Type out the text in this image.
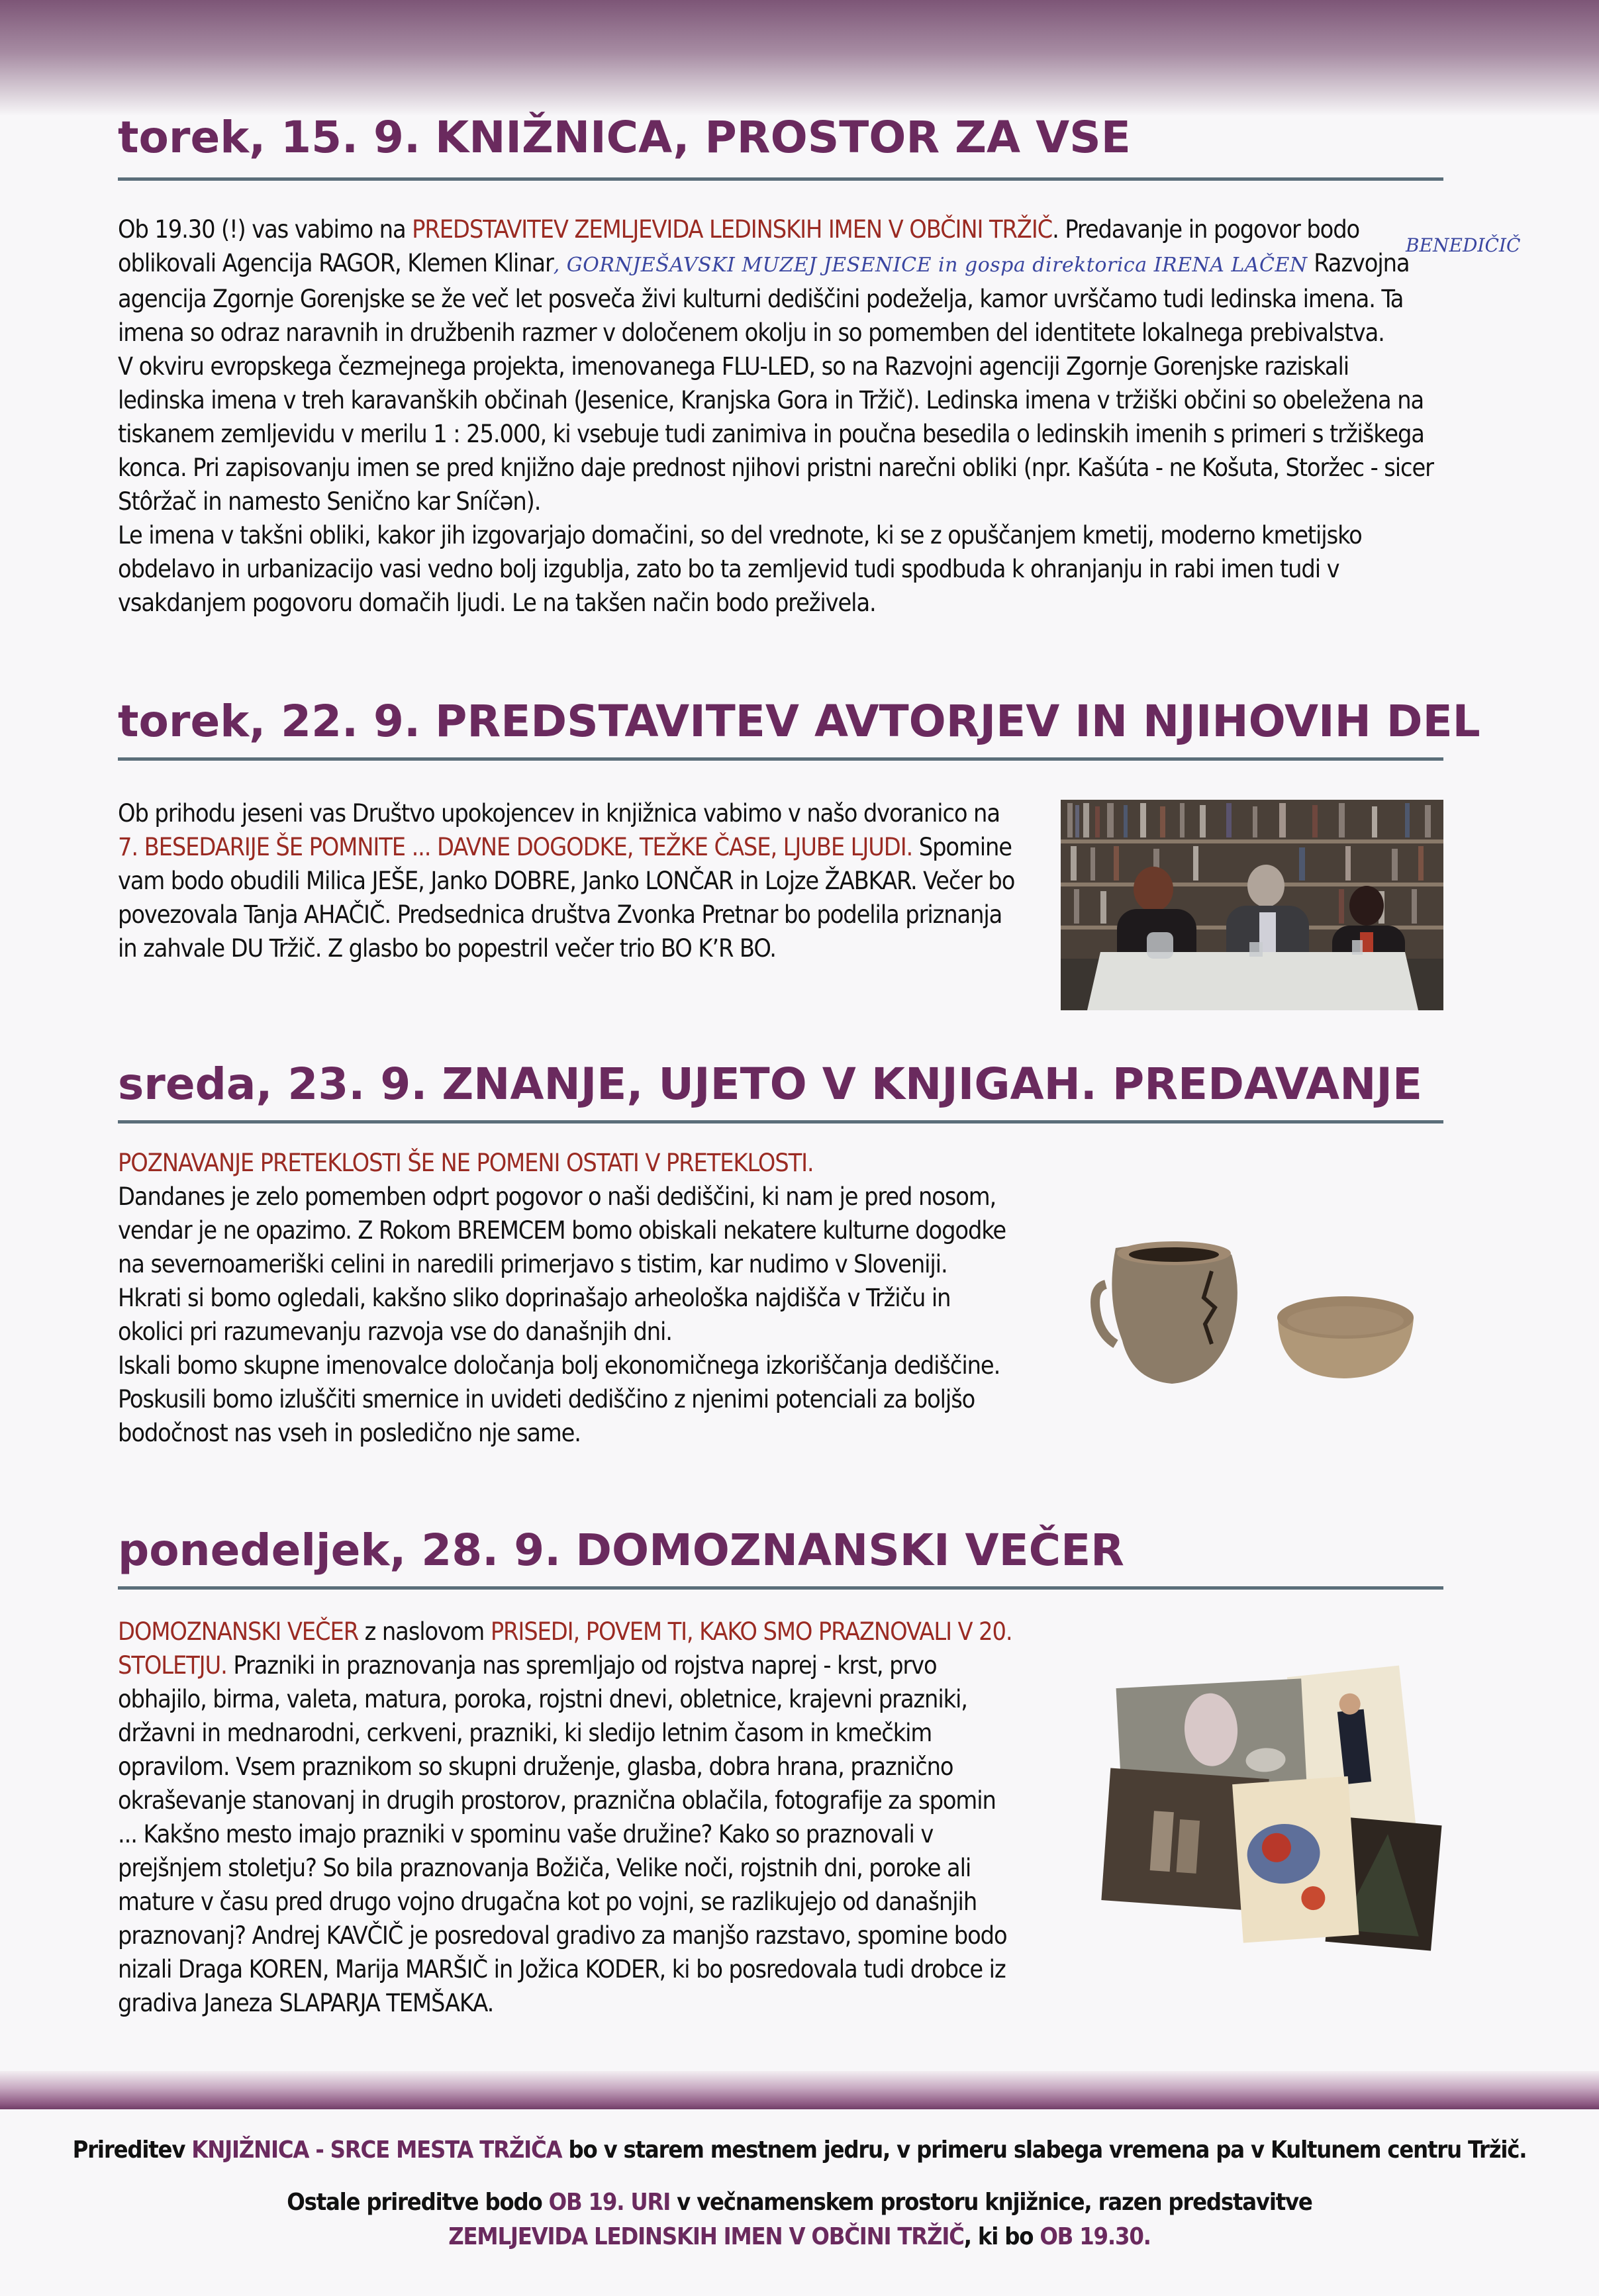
torek, 15. 9. KNIŽNICA, PROSTOR ZA VSE

Ob 19.30 (!) vas vabimo na PREDSTAVITEV ZEMLJEVIDA LEDINSKIH IMEN V OBČINI TRŽIČ. Predavanje in pogovor bodo oblikovali Agencija RAGOR, Klemen Klinar, GORNJEŠAVSKI MUZEJ JESENICE in gospa direktorica IRENA LAČEN Razvojna agencija Zgornje Gorenjske se že več let posveča živi kulturni dediščini podeželja, kamor uvrščamo tudi ledinska imena. Ta imena so odraz naravnih in družbenih razmer v določenem okolju in so pomemben del identitete lokalnega prebivalstva.

V okviru evropskega čezmejnega projekta, imenovanega FLU-LED, so na Razvojni agenciji Zgornje Gorenjske raziskali ledinska imena v treh karavanških občinah (Jesenice, Kranjska Gora in Tržič). Ledinska imena v tržiški občini so obeležena na tiskanem zemljevidu v merilu 1 : 25.000, ki vsebuje tudi zanimiva in poučna besedila o ledinskih imenih s primeri s tržiškega konca. Pri zapisovanju imen se pred knjižno daje prednost njihovi pristni narečni obliki (npr. Kašúta - ne Košuta, Storžec - sicer Stôržač in namesto Senično kar Sníčən).

Le imena v takšni obliki, kakor jih izgovarjajo domačini, so del vrednote, ki se z opuščanjem kmetij, moderno kmetijsko obdelavo in urbanizacijo vasi vedno bolj izgublja, zato bo ta zemljevid tudi spodbuda k ohranjanju in rabi imen tudi v vsakdanjem pogovoru domačih ljudi. Le na takšen način bodo preživela.

BENEDIČIČ
torek, 22. 9. PREDSTAVITEV AVTORJEV IN NJIHOVIH DEL

Ob prihodu jeseni vas Društvo upokojencev in knjižnica vabimo v našo dvoranico na 7. BESEDARIJE ŠE POMNITE ... DAVNE DOGODKE, TEŽKE ČASE, LJUBE LJUDI. Spomine vam bodo obudili Milica JEŠE, Janko DOBRE, Janko LONČAR in Lojze ŽABKAR. Večer bo povezovala Tanja AHAČIČ. Predsednica društva Zvonka Pretnar bo podelila priznanja in zahvale DU Tržič. Z glasbo bo popestril večer trio BO K’R BO.

sreda, 23. 9. ZNANJE, UJETO V KNJIGAH. PREDAVANJE

POZNAVANJE PRETEKLOSTI ŠE NE POMENI OSTATI V PRETEKLOSTI.

Dandanes je zelo pomemben odprt pogovor o naši dediščini, ki nam je pred nosom, vendar je ne opazimo. Z Rokom BREMCEM bomo obiskali nekatere kulturne dogodke na severnoameriški celini in naredili primerjavo s tistim, kar nudimo v Sloveniji. Hkrati si bomo ogledali, kakšno sliko doprinašajo arheološka najdišča v Tržiču in okolici pri razumevanju razvoja vse do današnjih dni.

Iskali bomo skupne imenovalce določanja bolj ekonomičnega izkoriščanja dediščine. Poskusili bomo izluščiti smernice in uvideti dediščino z njenimi potenciali za boljšo bodočnost nas vseh in posledično nje same.

ponedeljek, 28. 9. DOMOZNANSKI VEČER

DOMOZNANSKI VEČER z naslovom PRISEDI, POVEM TI, KAKO SMO PRAZNOVALI V 20. STOLETJU. Prazniki in praznovanja nas spremljajo od rojstva naprej - krst, prvo obhajilo, birma, valeta, matura, poroka, rojstni dnevi, obletnice, krajevni prazniki, državni in mednarodni, cerkveni, prazniki, ki sledijo letnim časom in kmečkim opravilom. Vsem praznikom so skupni druženje, glasba, dobra hrana, praznično okraševanje stanovanj in drugih prostorov, praznična oblačila, fotografije za spomin ... Kakšno mesto imajo prazniki v spominu vaše družine? Kako so praznovali v prejšnjem stoletju? So bila praznovanja Božiča, Velike noči, rojstnih dni, poroke ali mature v času pred drugo vojno drugačna kot po vojni, se razlikujejo od današnjih praznovanj? Andrej KAVČIČ je posredoval gradivo za manjšo razstavo, spomine bodo nizali Draga KOREN, Marija MARŠIČ in Jožica KODER, ki bo posredovala tudi drobce iz gradiva Janeza SLAPARJA TEMŠAKA.

Prireditev KNJIŽNICA - SRCE MESTA TRŽIČA bo v starem mestnem jedru, v primeru slabega vremena pa v Kultunem centru Tržič.
Ostale prireditve bodo OB 19. URI v večnamenskem prostoru knjižnice, razen predstavitve
ZEMLJEVIDA LEDINSKIH IMEN V OBČINI TRŽIČ, ki bo OB 19.30.
